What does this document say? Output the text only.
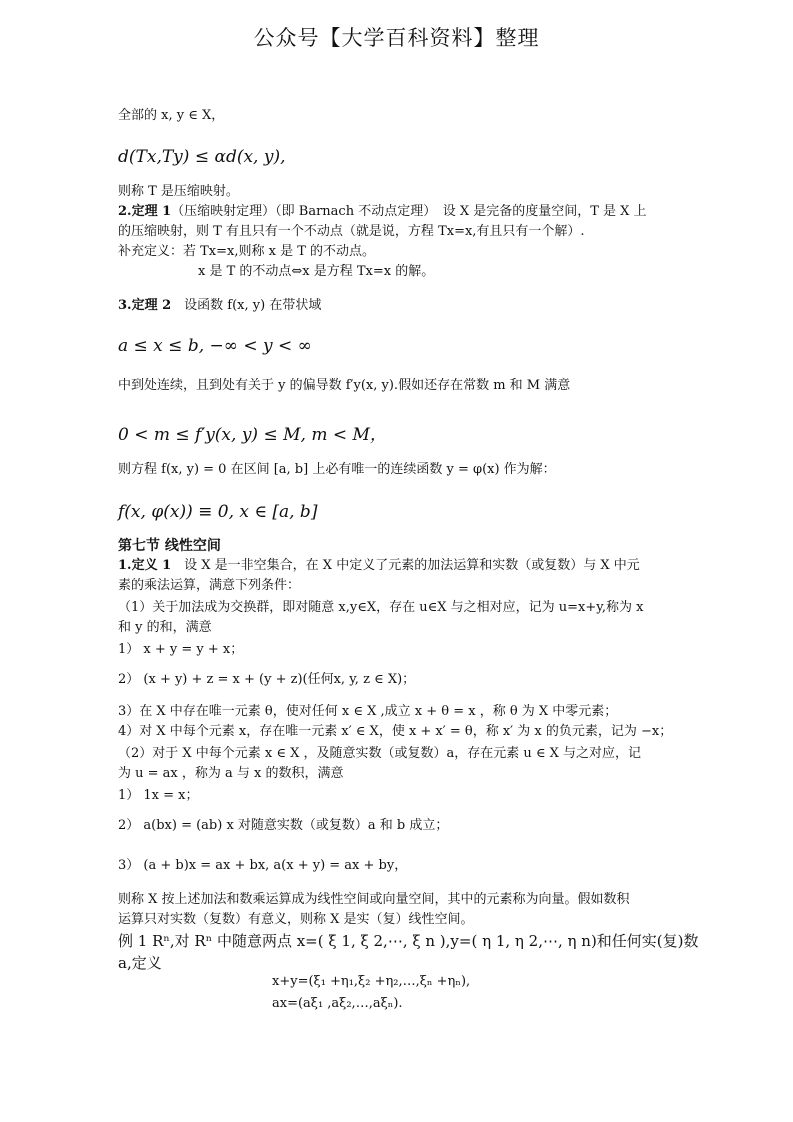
公众号【大学百科资料】整理
全部的 x, y ∈ X，
d(Tx,Ty) ≤ αd(x, y),
则称 T 是压缩映射。
2.定理 1（压缩映射定理）（即 Barnach 不动点定理）　设 X 是完备的度量空间，T 是 X 上
的压缩映射，则 T 有且只有一个不动点（就是说，方程 Tx=x,有且只有一个解）.
补充定义：若 Tx=x,则称 x 是 T 的不动点。
x 是 T 的不动点⇔x 是方程 Tx=x 的解。
3.定理 2　设函数 f(x, y) 在带状域
a ≤ x ≤ b, −∞ < y < ∞
中到处连续，且到处有关于 y 的偏导数 f′y(x, y).假如还存在常数 m 和 M 满意
0 < m ≤ f′y(x, y) ≤ M, m < M，
则方程 f(x, y) = 0 在区间 [a, b] 上必有唯一的连续函数 y = φ(x) 作为解：
f(x, φ(x)) ≡ 0, x ∈ [a, b]
第七节 线性空间
1.定义 1　设 X 是一非空集合，在 X 中定义了元素的加法运算和实数（或复数）与 X 中元
素的乘法运算，满意下列条件：
（1）关于加法成为交换群，即对随意 x,y∈X，存在 u∈X 与之相对应，记为 u=x+y,称为 x
和 y 的和，满意
1） x + y = y + x；
2） (x + y) + z = x + (y + z)(任何x, y, z ∈ X)；
3）在 X 中存在唯一元素 θ，使对任何 x ∈ X ,成立 x + θ = x ，称 θ 为 X 中零元素；
4）对 X 中每个元素 x，存在唯一元素 x′ ∈ X，使 x + x′ = θ，称 x′ 为 x 的负元素，记为 −x；
（2）对于 X 中每个元素 x ∈ X ，及随意实数（或复数）a，存在元素 u ∈ X 与之对应，记
为 u = ax ，称为 a 与 x 的数积，满意
1） 1x = x；
2） a(bx) = (ab) x 对随意实数（或复数）a 和 b 成立；
3） (a + b)x = ax + bx, a(x + y) = ax + by，
则称 X 按上述加法和数乘运算成为线性空间或向量空间，其中的元素称为向量。假如数积
运算只对实数（复数）有意义，则称 X 是实（复）线性空间。
例 1 Rⁿ,对 Rⁿ 中随意两点 x=( ξ 1, ξ 2,⋯, ξ n ),y=( η 1, η 2,⋯, η n)和任何实(复)数
a,定义
x+y=(ξ₁ +η₁,ξ₂ +η₂,…,ξₙ +ηₙ),
ax=(aξ₁ ,aξ₂,…,aξₙ).
